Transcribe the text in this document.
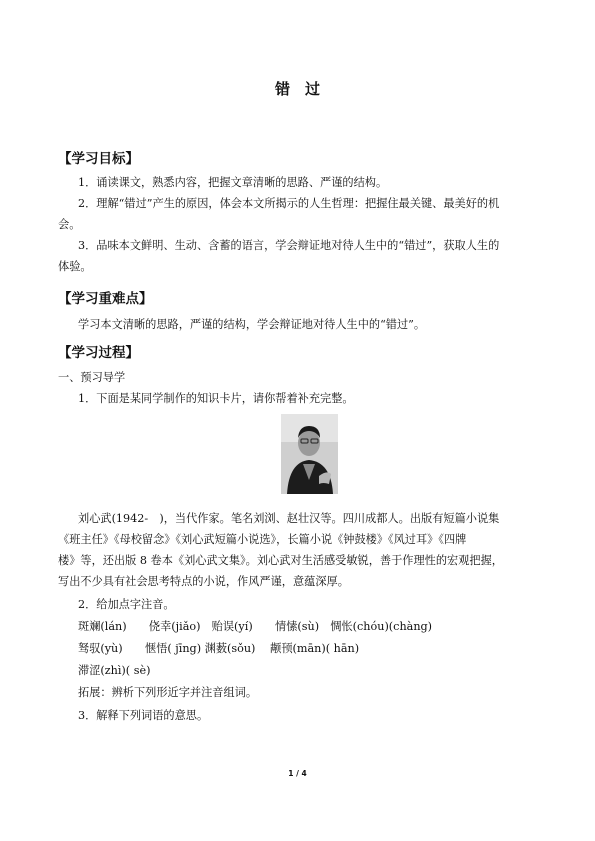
错　过
【学习目标】
1．诵读课文，熟悉内容，把握文章清晰的思路、严谨的结构。
2．理解“错过”产生的原因，体会本文所揭示的人生哲理：把握住最关键、最美好的机
会。
3．品味本文鲜明、生动、含蓄的语言，学会辩证地对待人生中的“错过”，获取人生的
体验。
【学习重难点】
学习本文清晰的思路，严谨的结构，学会辩证地对待人生中的“错过”。
【学习过程】
一、预习导学
1．下面是某同学制作的知识卡片，请你帮着补充完整。
刘心武(1942-　)，当代作家。笔名刘浏、赵壮汉等。四川成都人。出版有短篇小说集
《班主任》《母校留念》《刘心武短篇小说选》，长篇小说《钟鼓楼》《风过耳》《四牌
楼》等，还出版 8 卷本《刘心武文集》。刘心武对生活感受敏锐，善于作理性的宏观把握，
写出不少具有社会思考特点的小说，作风严谨，意蕴深厚。
2．给加点字注音。
斑斓(lán)　　侥幸(jiǎo)　贻误(yí)　　情愫(sù)　惆怅(chóu)(chàng)
驽驭(yù)　　惬悟( jīng) 渊薮(sǒu)　 颟顸(mān)( hān)
滞涩(zhì)( sè)
拓展：辨析下列形近字并注音组词。
3．解释下列词语的意思。
1 / 4
